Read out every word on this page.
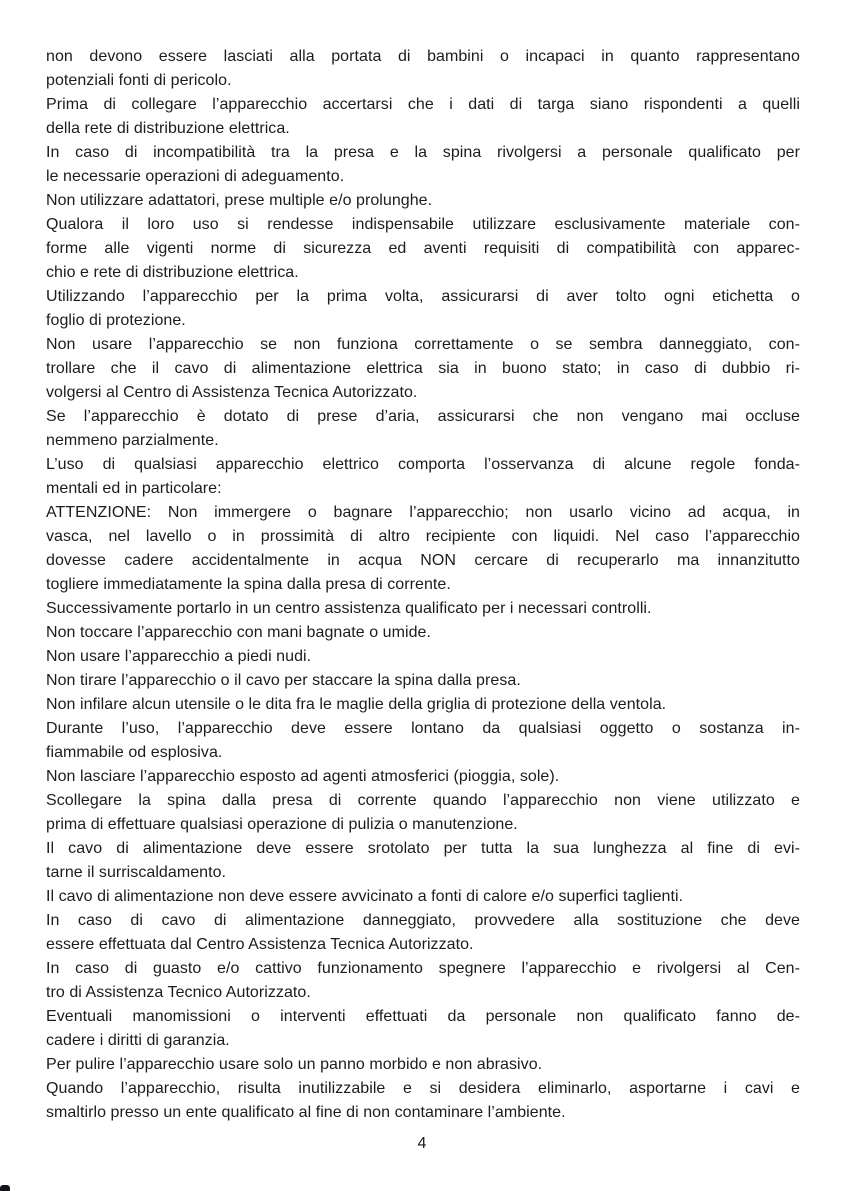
non devono essere lasciati alla portata di bambini o incapaci in quanto rappresentano
potenziali fonti di pericolo.
Prima di collegare l’apparecchio accertarsi che i dati di targa siano rispondenti a quelli
della rete di distribuzione elettrica.
In caso di incompatibilità tra la presa e la spina rivolgersi a personale qualificato per
le necessarie operazioni di adeguamento.
Non utilizzare adattatori, prese multiple e/o prolunghe.
Qualora il loro uso si rendesse indispensabile utilizzare esclusivamente materiale con-
forme alle vigenti norme di sicurezza ed aventi requisiti di compatibilità con apparec-
chio e rete di distribuzione elettrica.
Utilizzando l’apparecchio per la prima volta, assicurarsi di aver tolto ogni etichetta o
foglio di protezione.
Non usare l’apparecchio se non funziona correttamente o se sembra danneggiato, con-
trollare che il cavo di alimentazione elettrica sia in buono stato; in caso di dubbio ri-
volgersi al Centro di Assistenza Tecnica Autorizzato.
Se l’apparecchio è dotato di prese d’aria, assicurarsi che non vengano mai occluse
nemmeno parzialmente.
L’uso di qualsiasi apparecchio elettrico comporta l’osservanza di alcune regole fonda-
mentali ed in particolare:
ATTENZIONE: Non immergere o bagnare l’apparecchio; non usarlo vicino ad acqua, in
vasca, nel lavello o in prossimità di altro recipiente con liquidi. Nel caso l’apparecchio
dovesse cadere accidentalmente in acqua NON cercare di recuperarlo ma innanzitutto
togliere immediatamente la spina dalla presa di corrente.
Successivamente portarlo in un centro assistenza qualificato per i necessari controlli.
Non toccare l’apparecchio con mani bagnate o umide.
Non usare l’apparecchio a piedi nudi.
Non tirare l’apparecchio o il cavo per staccare la spina dalla presa.
Non infilare alcun utensile o le dita fra le maglie della griglia di protezione della ventola.
Durante l’uso, l’apparecchio deve essere lontano da qualsiasi oggetto o sostanza in-
fiammabile od esplosiva.
Non lasciare l’apparecchio esposto ad agenti atmosferici (pioggia, sole).
Scollegare la spina dalla presa di corrente quando l’apparecchio non viene utilizzato e
prima di effettuare qualsiasi operazione di pulizia o manutenzione.
Il cavo di alimentazione deve essere srotolato per tutta la sua lunghezza al fine di evi-
tarne il surriscaldamento.
Il cavo di alimentazione non deve essere avvicinato a fonti di calore e/o superfici taglienti.
In caso di cavo di alimentazione danneggiato, provvedere alla sostituzione che deve
essere effettuata dal Centro Assistenza Tecnica Autorizzato.
In caso di guasto e/o cattivo funzionamento spegnere l’apparecchio e rivolgersi al Cen-
tro di Assistenza Tecnico Autorizzato.
Eventuali manomissioni o interventi effettuati da personale non qualificato fanno de-
cadere i diritti di garanzia.
Per pulire l’apparecchio usare solo un panno morbido e non abrasivo.
Quando l’apparecchio, risulta inutilizzabile e si desidera eliminarlo, asportarne i cavi e
smaltirlo presso un ente qualificato al fine di non contaminare l’ambiente.
4
